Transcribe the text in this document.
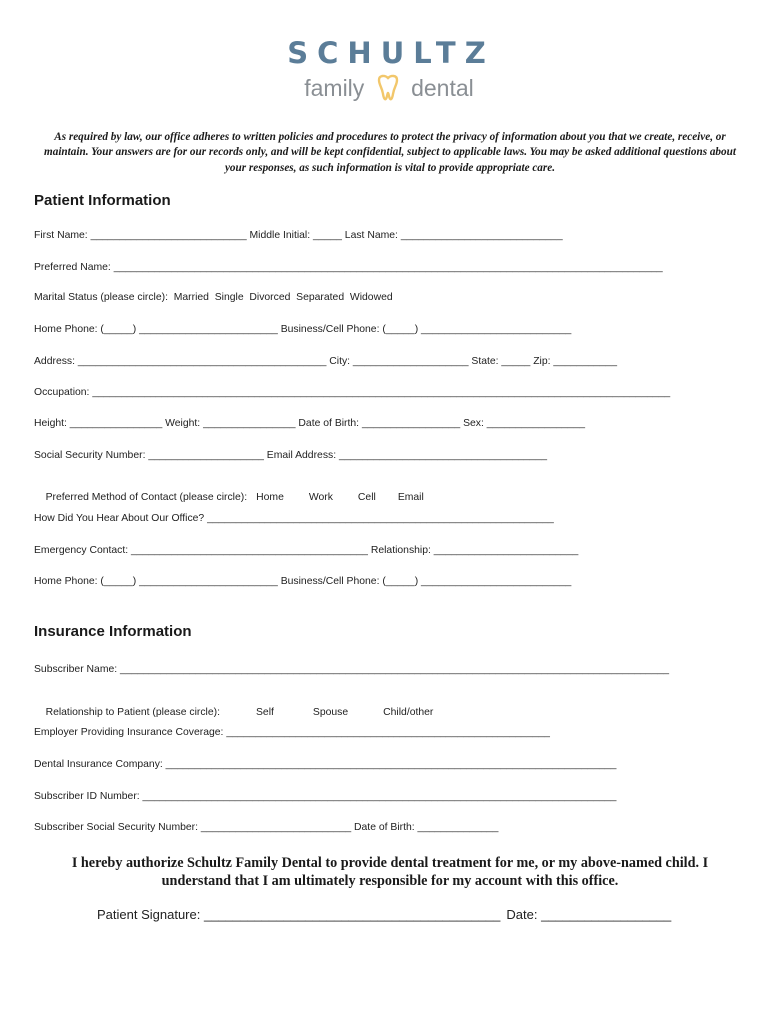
SCHULTZ
family dental
As required by law, our office adheres to written policies and procedures to protect the privacy of information about you that we create, receive, or maintain. Your answers are for our records only, and will be kept confidential, subject to applicable laws. You may be asked additional questions about your responses, as such information is vital to provide appropriate care.
Patient Information
First Name: ___________________________ Middle Initial: _____ Last Name: ____________________________
Preferred Name: _______________________________________________________________________________________________
Marital Status (please circle):  Married  Single  Divorced  Separated  Widowed
Home Phone: (_____) ________________________ Business/Cell Phone: (_____) __________________________
Address: ___________________________________________ City: ____________________ State: _____ Zip: ___________
Occupation: ____________________________________________________________________________________________________
Height: ________________ Weight: ________________ Date of Birth: _________________ Sex: _________________
Social Security Number: ____________________ Email Address: ____________________________________

Preferred Method of Contact (please circle): Home Work Cell Email

How Did You Hear About Our Office? ____________________________________________________________
Emergency Contact: _________________________________________ Relationship: _________________________
Home Phone: (_____) ________________________ Business/Cell Phone: (_____) __________________________
Insurance Information
Subscriber Name: _______________________________________________________________________________________________

Relationship to Patient (please circle):	Self	Spouse	Child/other

Employer Providing Insurance Coverage: ________________________________________________________
Dental Insurance Company: ______________________________________________________________________________
Subscriber ID Number: __________________________________________________________________________________
Subscriber Social Security Number: __________________________ Date of Birth: ______________
I hereby authorize Schultz Family Dental to provide dental treatment for me, or my above-named child. I understand that I am ultimately responsible for my account with this office.
Patient Signature: _________________________________________ Date: __________________
